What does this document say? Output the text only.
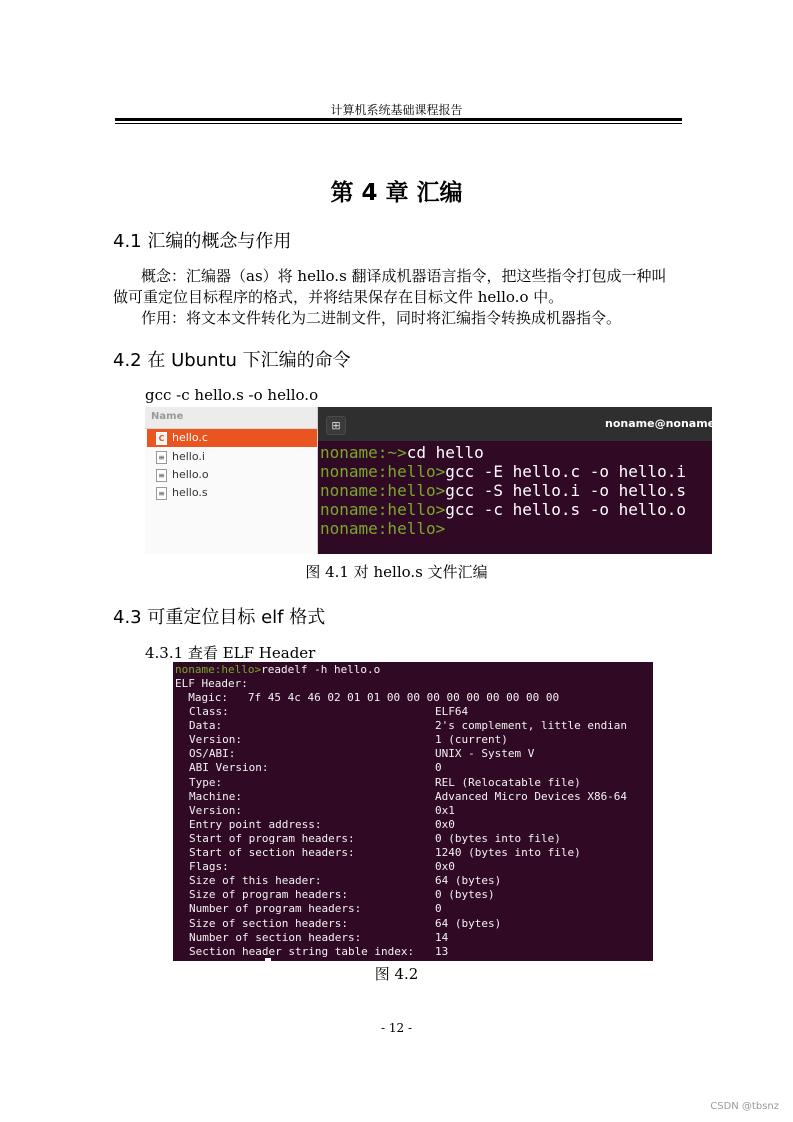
计算机系统基础课程报告
第 4 章 汇编
4.1 汇编的概念与作用
概念：汇编器（as）将 hello.s 翻译成机器语言指令，把这些指令打包成一种叫
做可重定位目标程序的格式，并将结果保存在目标文件 hello.o 中。
作用：将文本文件转化为二进制文件，同时将汇编指令转换成机器指令。
4.2 在 Ubuntu 下汇编的命令
gcc -c hello.s -o hello.o
Name
C hello.c
≡ hello.i
≡ hello.o
≡ hello.s
⊞	noname@noname-Vi
noname:~>cd hello
noname:hello>gcc -E hello.c -o hello.i
noname:hello>gcc -S hello.i -o hello.s
noname:hello>gcc -c hello.s -o hello.o
noname:hello>
图 4.1 对 hello.s 文件汇编
4.3 可重定位目标 elf 格式
4.3.1 查看 ELF Header
noname:hello>readelf -h hello.o
ELF Header:
Magic:   7f 45 4c 46 02 01 01 00 00 00 00 00 00 00 00 00
Class:	ELF64
Data:	2's complement, little endian
Version:	1 (current)
OS/ABI:	UNIX - System V
ABI Version:	0
Type:	REL (Relocatable file)
Machine:	Advanced Micro Devices X86-64
Version:	0x1
Entry point address:	0x0
Start of program headers:	0 (bytes into file)
Start of section headers:	1240 (bytes into file)
Flags:	0x0
Size of this header:	64 (bytes)
Size of program headers:	0 (bytes)
Number of program headers:	0
Size of section headers:	64 (bytes)
Number of section headers:	14
Section header string table index: 13
图 4.2
- 12 -
CSDN @tbsnz
